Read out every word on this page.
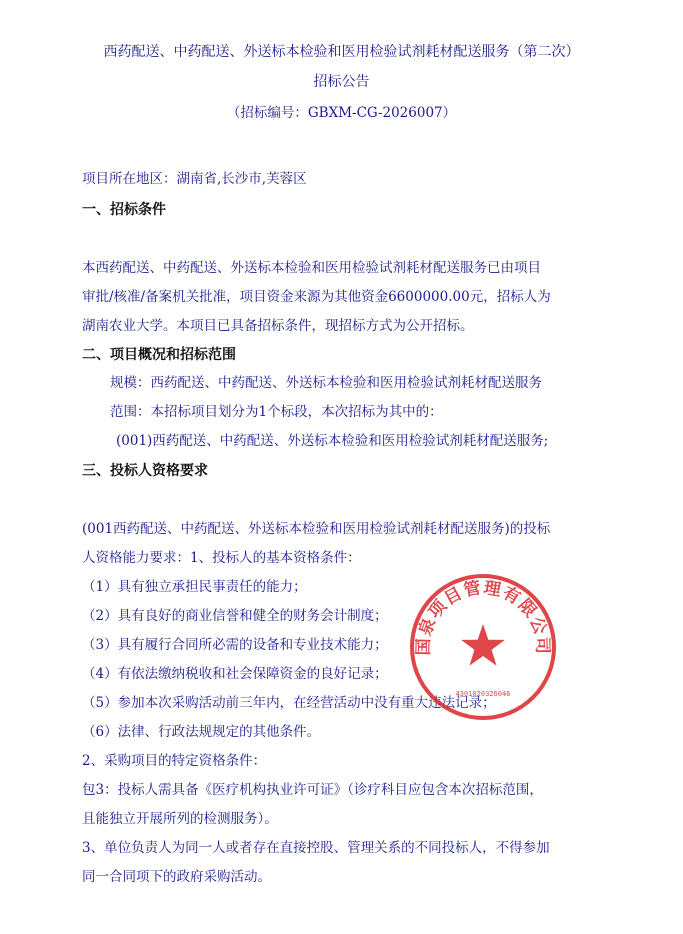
西药配送、中药配送、外送标本检验和医用检验试剂耗材配送服务（第二次）
招标公告
（招标编号：GBXM-CG-2026007）
项目所在地区：湖南省,长沙市,芙蓉区
一、招标条件
本西药配送、中药配送、外送标本检验和医用检验试剂耗材配送服务已由项目
审批/核准/备案机关批准，项目资金来源为其他资金6600000.00元，招标人为
湖南农业大学。本项目已具备招标条件，现招标方式为公开招标。
二、项目概况和招标范围
规模：西药配送、中药配送、外送标本检验和医用检验试剂耗材配送服务
范围：本招标项目划分为1个标段，本次招标为其中的：
(001)西药配送、中药配送、外送标本检验和医用检验试剂耗材配送服务;
三、投标人资格要求
(001西药配送、中药配送、外送标本检验和医用检验试剂耗材配送服务)的投标
人资格能力要求：1、投标人的基本资格条件：
（1）具有独立承担民事责任的能力；
（2）具有良好的商业信誉和健全的财务会计制度；
（3）具有履行合同所必需的设备和专业技术能力；
（4）有依法缴纳税收和社会保障资金的良好记录；
（5）参加本次采购活动前三年内，在经营活动中没有重大违法记录；
（6）法律、行政法规规定的其他条件。
2、采购项目的特定资格条件：
包3：投标人需具备《医疗机构执业许可证》（诊疗科目应包含本次招标范围，
且能独立开展所列的检测服务）。
3、单位负责人为同一人或者存在直接控股、管理关系的不同投标人，不得参加
同一合同项下的政府采购活动。
国泉项目管理有限公司
4301020326046
